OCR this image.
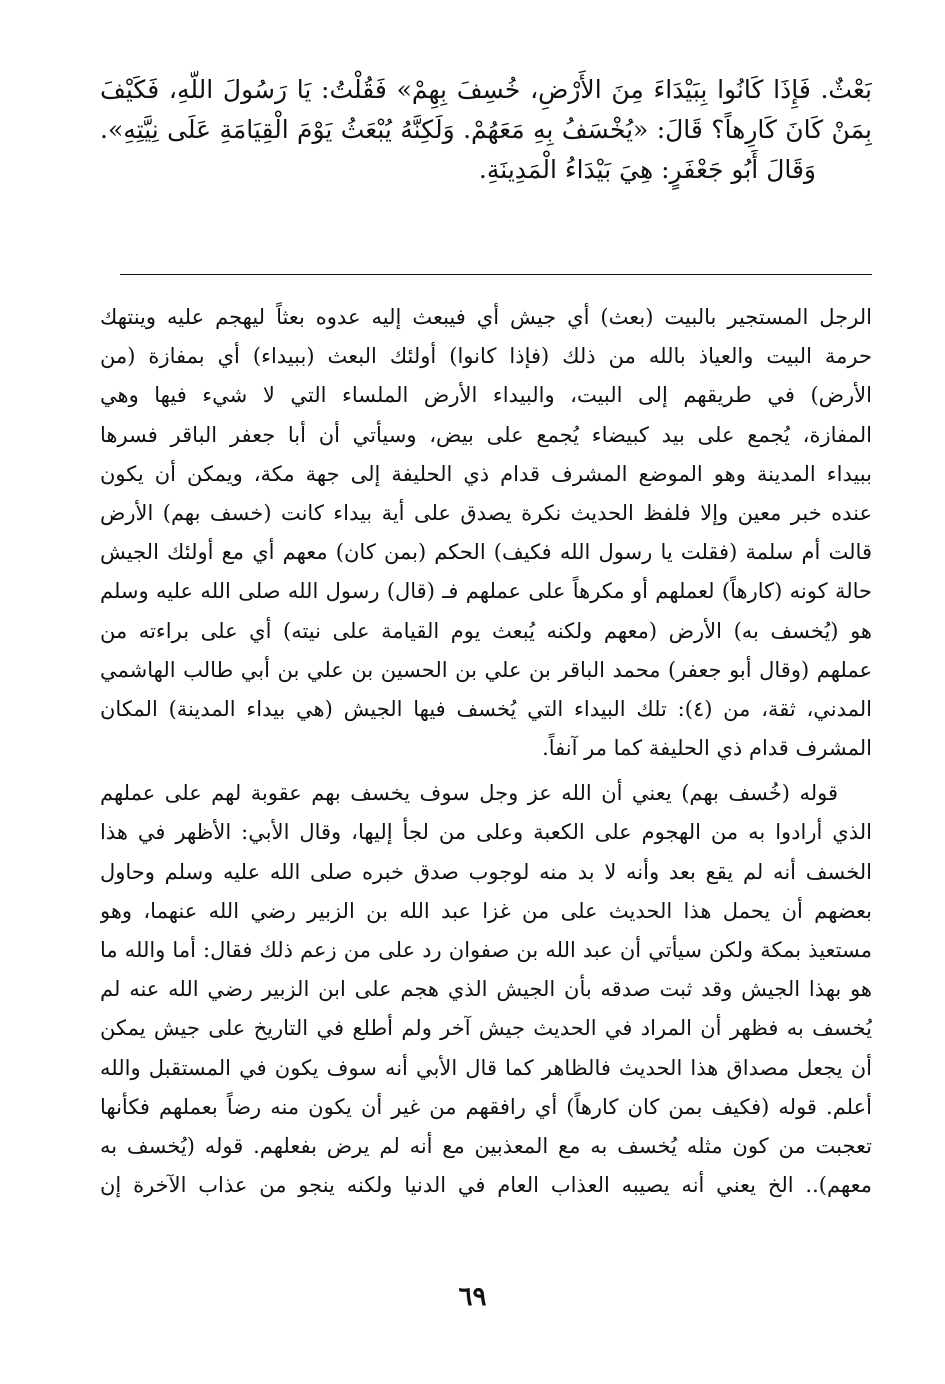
بَعْثٌ. فَإِذَا كَانُوا بِبَيْدَاءَ مِنَ الأَرْضِ، خُسِفَ بِهِمْ» فَقُلْتُ: يَا رَسُولَ اللَّهِ، فَكَيْفَ
بِمَنْ كَانَ كَارِهاً؟ قَالَ: «يُخْسَفُ بِهِ مَعَهُمْ. وَلَكِنَّهُ يُبْعَثُ يَوْمَ الْقِيَامَةِ عَلَى نِيَّتِهِ».
وَقَالَ أَبُو جَعْفَرٍ: هِيَ بَيْدَاءُ الْمَدِينَةِ.
الرجل المستجير بالبيت (بعث) أي جيش أي فيبعث إليه عدوه بعثاً ليهجم عليه وينتهك
حرمة البيت والعياذ بالله من ذلك (فإذا كانوا) أولئك البعث (ببيداء) أي بمفازة (من
الأرض) في طريقهم إلى البيت، والبيداء الأرض الملساء التي لا شيء فيها وهي
المفازة، يُجمع على بيد كبيضاء يُجمع على بيض، وسيأتي أن أبا جعفر الباقر فسرها
ببيداء المدينة وهو الموضع المشرف قدام ذي الحليفة إلى جهة مكة، ويمكن أن يكون
عنده خبر معين وإلا فلفظ الحديث نكرة يصدق على أية بيداء كانت (خسف بهم) الأرض
قالت أم سلمة (فقلت يا رسول الله فكيف) الحكم (بمن كان) معهم أي مع أولئك الجيش
حالة كونه (كارهاً) لعملهم أو مكرهاً على عملهم فـ (قال) رسول الله صلى الله عليه وسلم
هو (يُخسف به) الأرض (معهم ولكنه يُبعث يوم القيامة على نيته) أي على براءته من
عملهم (وقال أبو جعفر) محمد الباقر بن علي بن الحسين بن علي بن أبي طالب الهاشمي
المدني، ثقة، من (٤): تلك البيداء التي يُخسف فيها الجيش (هي بيداء المدينة) المكان
المشرف قدام ذي الحليفة كما مر آنفاً.
قوله (خُسف بهم) يعني أن الله عز وجل سوف يخسف بهم عقوبة لهم على عملهم
الذي أرادوا به من الهجوم على الكعبة وعلى من لجأ إليها، وقال الأبي: الأظهر في هذا
الخسف أنه لم يقع بعد وأنه لا بد منه لوجوب صدق خبره صلى الله عليه وسلم وحاول
بعضهم أن يحمل هذا الحديث على من غزا عبد الله بن الزبير رضي الله عنهما، وهو
مستعيذ بمكة ولكن سيأتي أن عبد الله بن صفوان رد على من زعم ذلك فقال: أما والله ما
هو بهذا الجيش وقد ثبت صدقه بأن الجيش الذي هجم على ابن الزبير رضي الله عنه لم
يُخسف به فظهر أن المراد في الحديث جيش آخر ولم أطلع في التاريخ على جيش يمكن
أن يجعل مصداق هذا الحديث فالظاهر كما قال الأبي أنه سوف يكون في المستقبل والله
أعلم. قوله (فكيف بمن كان كارهاً) أي رافقهم من غير أن يكون منه رضاً بعملهم فكأنها
تعجبت من كون مثله يُخسف به مع المعذبين مع أنه لم يرض بفعلهم. قوله (يُخسف به
معهم).. الخ يعني أنه يصيبه العذاب العام في الدنيا ولكنه ينجو من عذاب الآخرة إن
٦٩
